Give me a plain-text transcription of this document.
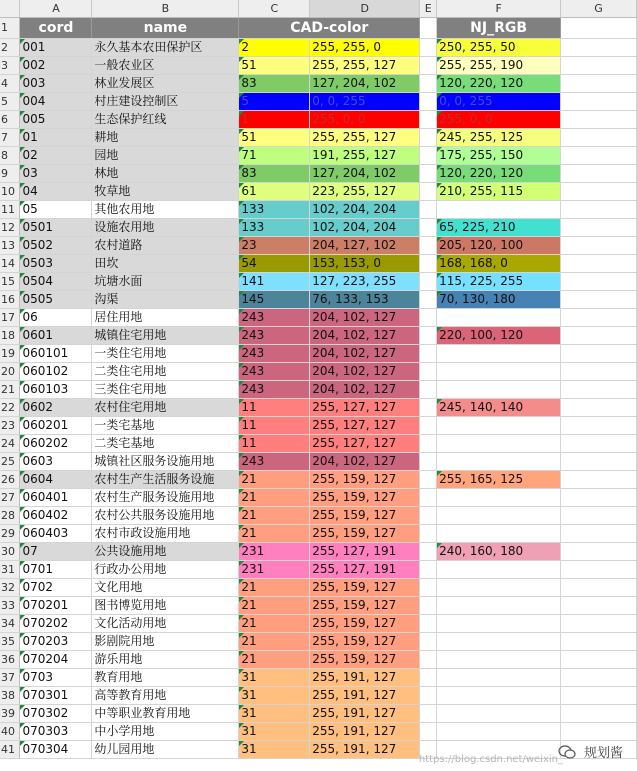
	A	B	C	D	E	F	G
1	cord	name	CAD-color			NJ_RGB	
2	001	永久基本农田保护区	2	255, 255, 0		250, 255, 50	
3	002	一般农业区	51	255, 255, 127		255, 255, 190	
4	003	林业发展区	83	127, 204, 102		120, 220, 120	
5	004	村庄建设控制区	5	0, 0, 255		0, 0, 255	
6	005	生态保护红线	1	255, 0, 0		255, 0, 0	
7	01	耕地	51	255, 255, 127		245, 255, 125	
8	02	园地	71	191, 255, 127		175, 255, 150	
9	03	林地	83	127, 204, 102		120, 220, 120	
10	04	牧草地	61	223, 255, 127		210, 255, 115	
11	05	其他农用地	133	102, 204, 204			
12	0501	设施农用地	133	102, 204, 204		65, 225, 210	
13	0502	农村道路	23	204, 127, 102		205, 120, 100	
14	0503	田坎	54	153, 153, 0		168, 168, 0	
15	0504	坑塘水面	141	127, 223, 255		115, 225, 255	
16	0505	沟渠	145	76, 133, 153		70, 130, 180	
17	06	居住用地	243	204, 102, 127			
18	0601	城镇住宅用地	243	204, 102, 127		220, 100, 120	
19	060101	一类住宅用地	243	204, 102, 127			
20	060102	二类住宅用地	243	204, 102, 127			
21	060103	三类住宅用地	243	204, 102, 127			
22	0602	农村住宅用地	11	255, 127, 127		245, 140, 140	
23	060201	一类宅基地	11	255, 127, 127			
24	060202	二类宅基地	11	255, 127, 127			
25	0603	城镇社区服务设施用地	243	204, 102, 127			
26	0604	农村生产生活服务设施	21	255, 159, 127		255, 165, 125	
27	060401	农村生产服务设施用地	21	255, 159, 127			
28	060402	农村公共服务设施用地	21	255, 159, 127			
29	060403	农村市政设施用地	21	255, 159, 127			
30	07	公共设施用地	231	255, 127, 191		240, 160, 180	
31	0701	行政办公用地	231	255, 127, 191			
32	0702	文化用地	21	255, 159, 127			
33	070201	图书博览用地	21	255, 159, 127			
34	070202	文化活动用地	21	255, 159, 127			
35	070203	影剧院用地	21	255, 159, 127			
36	070204	游乐用地	21	255, 159, 127			
37	0703	教育用地	31	255, 191, 127			
38	070301	高等教育用地	31	255, 191, 127			
39	070302	中等职业教育用地	31	255, 191, 127			
40	070303	中小学用地	31	255, 191, 127			
41	070304	幼儿园用地	31	255, 191, 127			
https://blog.csdn.net/weixin_ 规划酱
